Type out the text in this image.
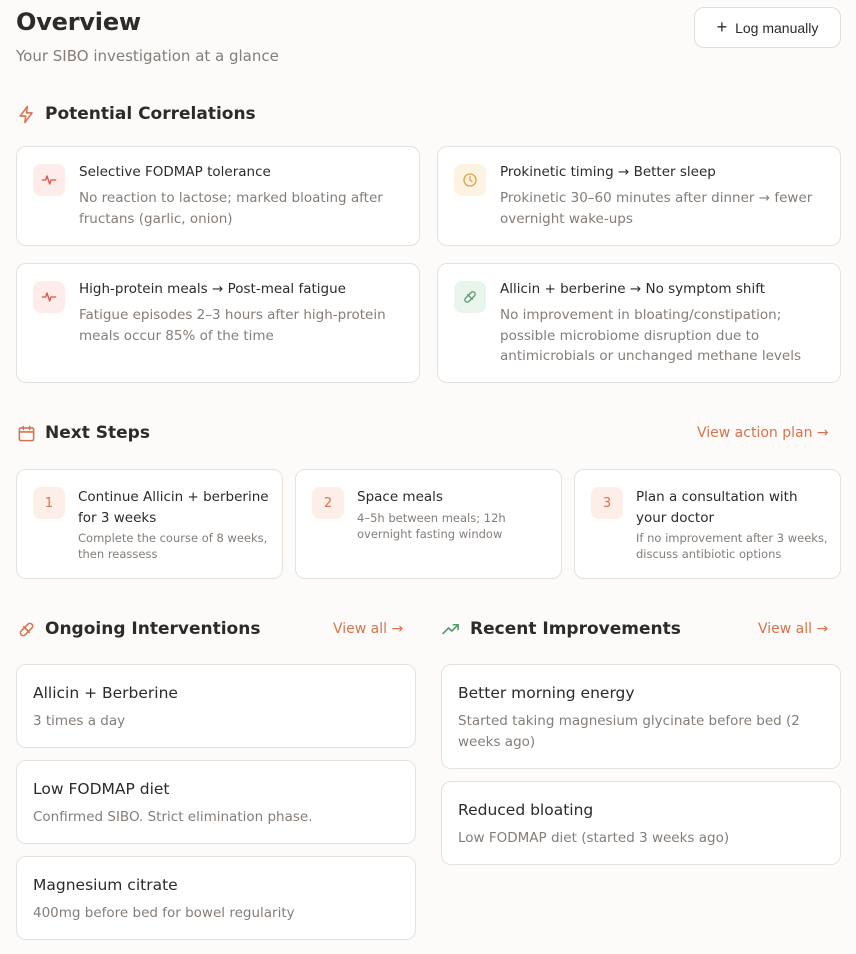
Overview
Your SIBO investigation at a glance
+ Log manually
Potential Correlations
Selective FODMAP tolerance
No reaction to lactose; marked bloating after fructans (garlic, onion)
Prokinetic timing → Better sleep
Prokinetic 30–60 minutes after dinner → fewer overnight wake-ups
High-protein meals → Post-meal fatigue
Fatigue episodes 2–3 hours after high-protein meals occur 85% of the time
Allicin + berberine → No symptom shift
No improvement in bloating/constipation; possible microbiome disruption due to antimicrobials or unchanged methane levels
Next Steps	View action plan →
1	Continue Allicin + berberine for 3 weeks
Complete the course of 8 weeks, then reassess
2	Space meals
4–5h between meals; 12h overnight fasting window
3	Plan a consultation with your doctor
If no improvement after 3 weeks, discuss antibiotic options
Ongoing Interventions	View all →
Allicin + Berberine
3 times a day
Low FODMAP diet
Confirmed SIBO. Strict elimination phase.
Magnesium citrate
400mg before bed for bowel regularity
Recent Improvements	View all →
Better morning energy
Started taking magnesium glycinate before bed (2 weeks ago)
Reduced bloating
Low FODMAP diet (started 3 weeks ago)
